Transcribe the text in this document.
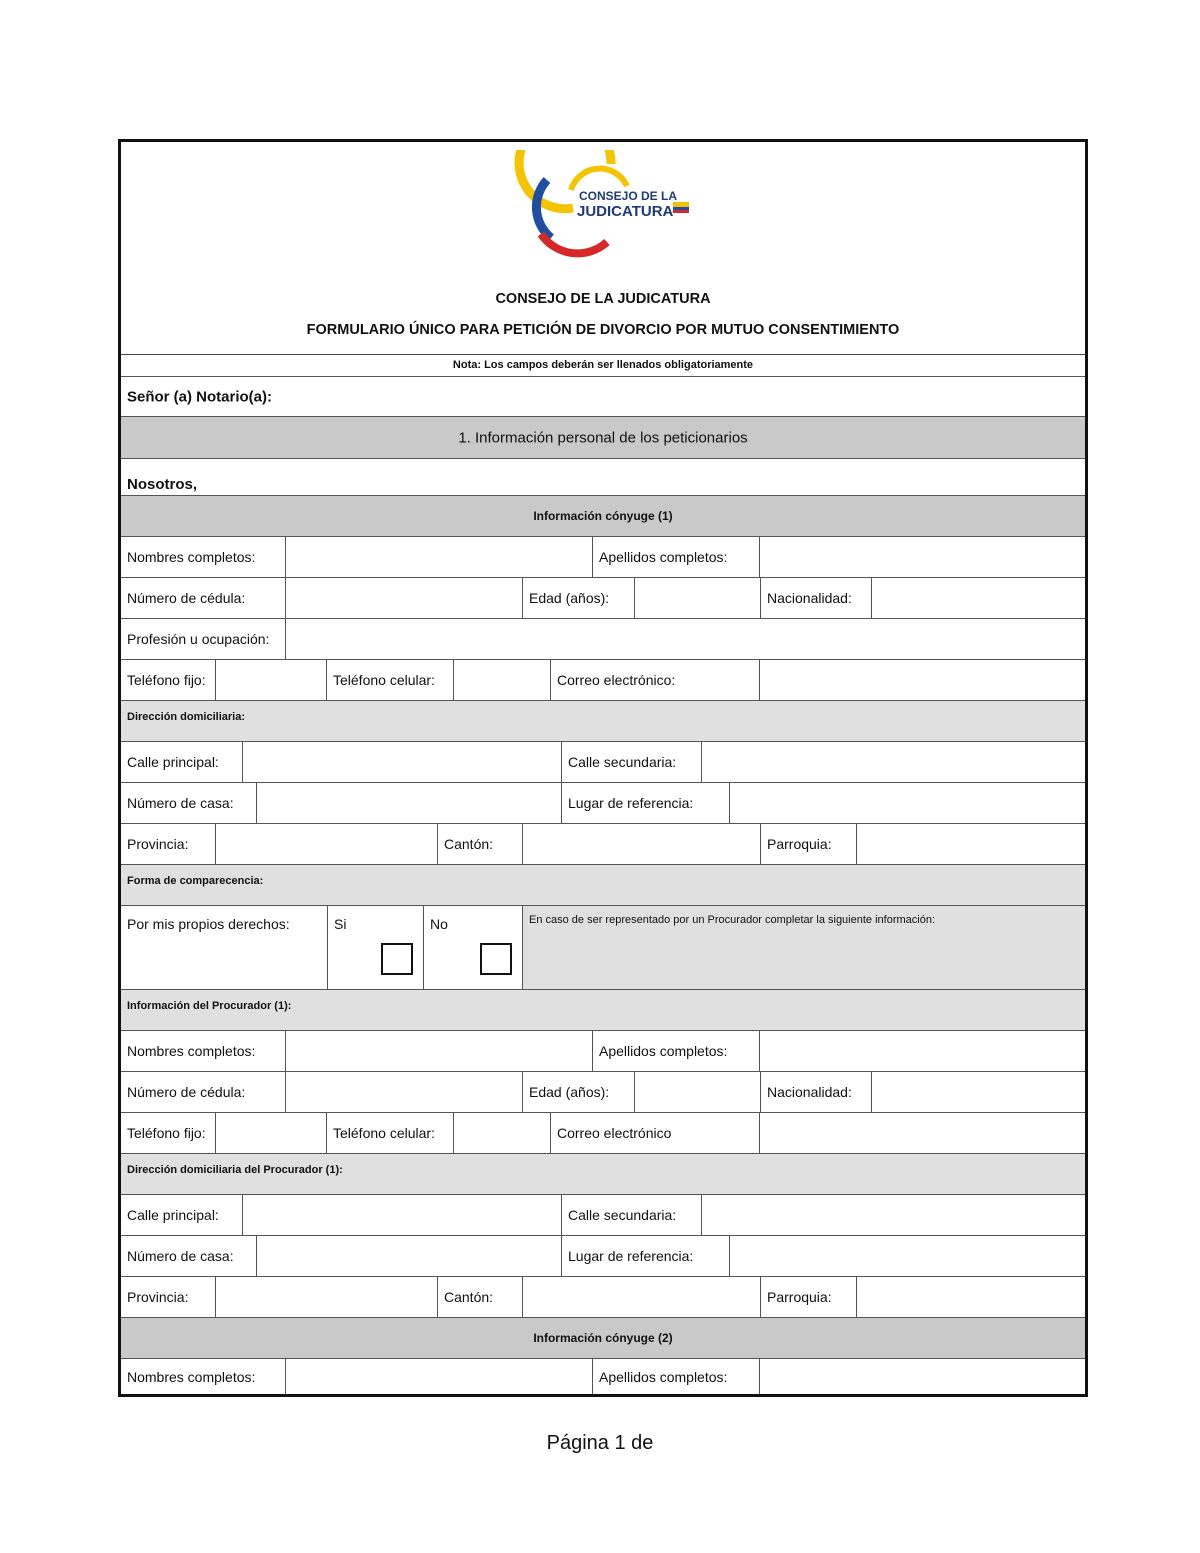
CONSEJO DE LA
JUDICATURA
CONSEJO DE LA JUDICATURA
FORMULARIO ÚNICO PARA PETICIÓN DE DIVORCIO POR MUTUO CONSENTIMIENTO
Nota: Los campos deberán ser llenados obligatoriamente
Señor (a) Notario(a):
1. Información personal de los peticionarios
Nosotros,
Información cónyuge (1)
Nombres completos:	Apellidos completos:
Número de cédula:	Edad (años):	Nacionalidad:
Profesión u ocupación:
Teléfono fijo:	Teléfono celular:	Correo electrónico:
Dirección domiciliaria:
Calle principal:	Calle secundaria:
Número de casa:	Lugar de referencia:
Provincia:	Cantón:	Parroquia:
Forma de comparecencia:
Por mis propios derechos:	Si	No	En caso de ser representado por un Procurador completar la siguiente información:
Información del Procurador (1):
Nombres completos:	Apellidos completos:
Número de cédula:	Edad (años):	Nacionalidad:
Teléfono fijo:	Teléfono celular:	Correo electrónico
Dirección domiciliaria del Procurador (1):
Calle principal:	Calle secundaria:
Número de casa:	Lugar de referencia:
Provincia:	Cantón:	Parroquia:
Información cónyuge (2)
Nombres completos:	Apellidos completos:
Página 1 de
